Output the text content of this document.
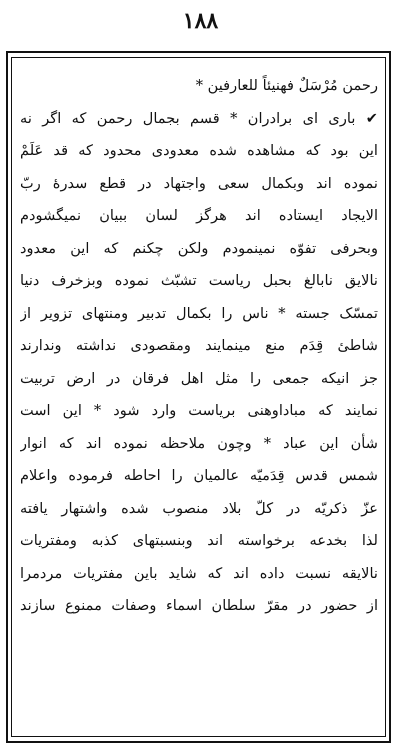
١٨٨
رحمن مُرْسَلٌ فهنيئاً للعارفين *
✔ باری ای برادران * قسم بجمال رحمن که اگر نه
این بود که مشاهده شده معدودی محدود که قد عَلَمْ
نموده اند وبکمال سعی واجتهاد در قطع سدرهٔ ربّ
الایجاد ایستاده اند هرگز لسان ببیان نمیگشودم
وبحرفی تفوّه نمینمودم ولکن چکنم که این معدود
نالایق نابالغ بحبل ریاست تشبّث نموده وبزخرف دنیا
تمسّک جسته * ناس را بکمال تدبیر ومنتهای تزویر از
شاطیٔ قِدَم منع مینمایند ومقصودی نداشته وندارند
جز انیکه جمعی را مثل اهل فرقان در ارض تربیت
نمایند که مباداوهنی بریاست وارد شود * این است
شأن این عباد * وچون ملاحظه نموده اند که انوار
شمس قدس قِدَمیّه عالمیان را احاطه فرموده واعلام
عزّ ذکریّه در کلّ بلاد منصوب شده واشتهار یافته
لذا بخدعه برخواسته اند وبنسبتهای کذبه ومفتریات
نالایقه نسبت داده اند که شاید باین مفتریات مردمرا
از حضور در مقرّ سلطان اسماء وصفات ممنوع سازند
